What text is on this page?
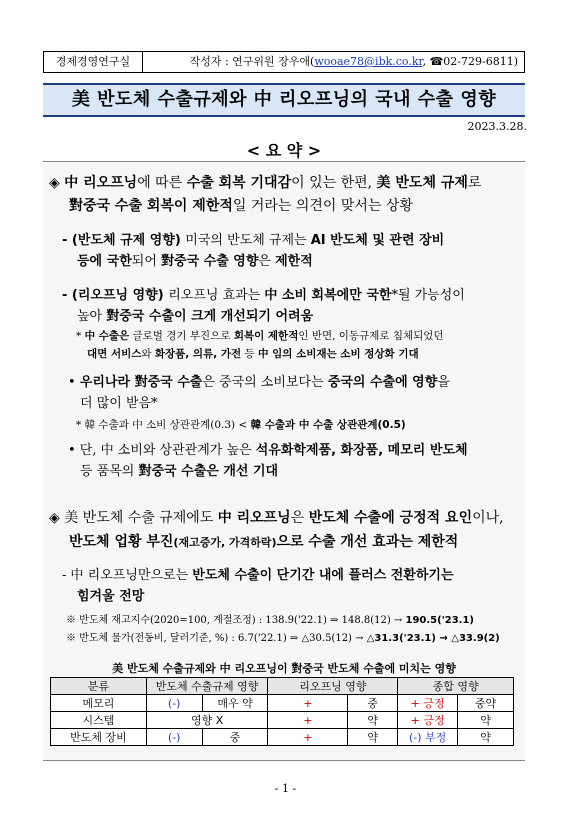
경제경영연구실	작성자 : 연구위원 장우애(wooae78@ibk.co.kr, ☎02-729-6811)
美 반도체 수출규제와 中 리오프닝의 국내 수출 영향
2023.3.28.
< 요 약 >
◈ 中 리오프닝에 따른 수출 회복 기대감이 있는 한편, 美 반도체 규제로
對중국 수출 회복이 제한적일 거라는 의견이 맞서는 상황
- (반도체 규제 영향) 미국의 반도체 규제는 AI 반도체 및 관련 장비
등에 국한되어 對중국 수출 영향은 제한적
- (리오프닝 영향) 리오프닝 효과는 中 소비 회복에만 국한*될 가능성이
높아 對중국 수출이 크게 개선되기 어려움
* 中 수출은 글로벌 경기 부진으로 회복이 제한적인 반면, 이동규제로 침체되었던
대면 서비스와 화장품, 의류, 가전 등 中 임의 소비재는 소비 정상화 기대
• 우리나라 對중국 수출은 중국의 소비보다는 중국의 수출에 영향을
더 많이 받음*
* 韓 수출과 中 소비 상관관계(0.3) < 韓 수출과 中 수출 상관관계(0.5)
• 단, 中 소비와 상관관계가 높은 석유화학제품, 화장품, 메모리 반도체
등 품목의 對중국 수출은 개선 기대
◈ 美 반도체 수출 규제에도 中 리오프닝은 반도체 수출에 긍정적 요인이나,
반도체 업황 부진(재고증가, 가격하락)으로 수출 개선 효과는 제한적
- 中 리오프닝만으로는 반도체 수출이 단기간 내에 플러스 전환하기는
힘겨울 전망
※ 반도체 재고지수(2020=100, 계절조정) : 138.9('22.1) ⇒ 148.8(12) → 190.5('23.1)
※ 반도체 물가(전동비, 달러기준, %) : 6.7('22.1) ⇒ △30.5(12) → △31.3('23.1) → △33.9(2)
美 반도체 수출규제와 中 리오프닝이 對중국 반도체 수출에 미치는 영향
분류	반도체 수출규제 영향		리오프닝 영향		종합 영향	
메모리	(-)	매우 약	+	중	+ 긍정	중약
시스템	영향 X		+	약	+ 긍정	약
반도체 장비	(-)	중	+	약	(-) 부정	약
- 1 -
